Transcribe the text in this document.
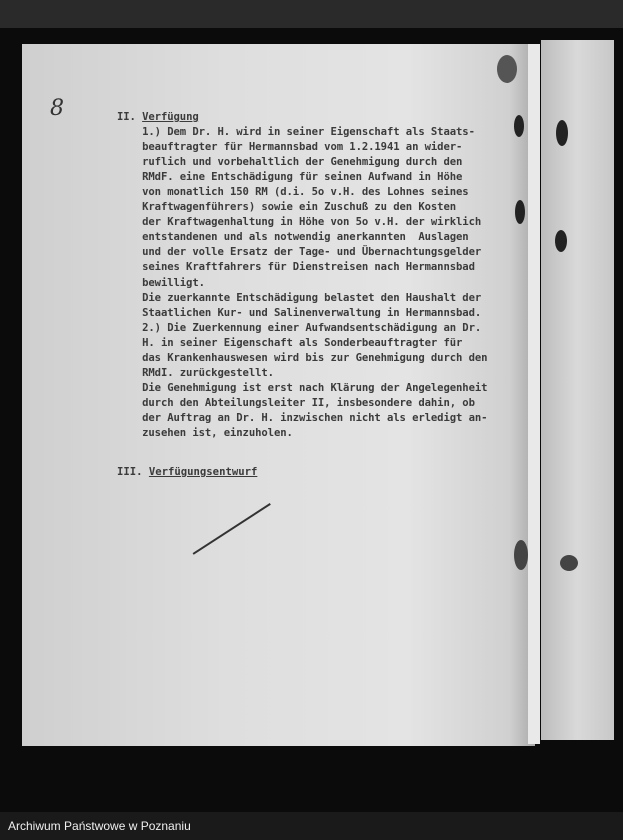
8	II. Verfügung

1.) Dem Dr. H. wird in seiner Eigenschaft als Staats-
beauftragter für Hermannsbad vom 1.2.1941 an wider-
ruflich und vorbehaltlich der Genehmigung durch den
RMdF. eine Entschädigung für seinen Aufwand in Höhe
von monatlich 150 RM (d.i. 5o v.H. des Lohnes seines
Kraftwagenführers) sowie ein Zuschuß zu den Kosten
der Kraftwagenhaltung in Höhe von 5o v.H. der wirklich
entstandenen und als notwendig anerkannten  Auslagen
und der volle Ersatz der Tage- und Übernachtungsgelder
seines Kraftfahrers für Dienstreisen nach Hermannsbad
bewilligt.
Die zuerkannte Entschädigung belastet den Haushalt der
Staatlichen Kur- und Salinenverwaltung in Hermannsbad.
2.) Die Zuerkennung einer Aufwandsentschädigung an Dr.
H. in seiner Eigenschaft als Sonderbeauftragter für
das Krankenhauswesen wird bis zur Genehmigung durch den
RMdI. zurückgestellt.
Die Genehmigung ist erst nach Klärung der Angelegenheit
durch den Abteilungsleiter II, insbesondere dahin, ob
der Auftrag an Dr. H. inzwischen nicht als erledigt an-
zusehen ist, einzuholen.
III. Verfügungsentwurf
Archiwum Państwowe w Poznaniu
